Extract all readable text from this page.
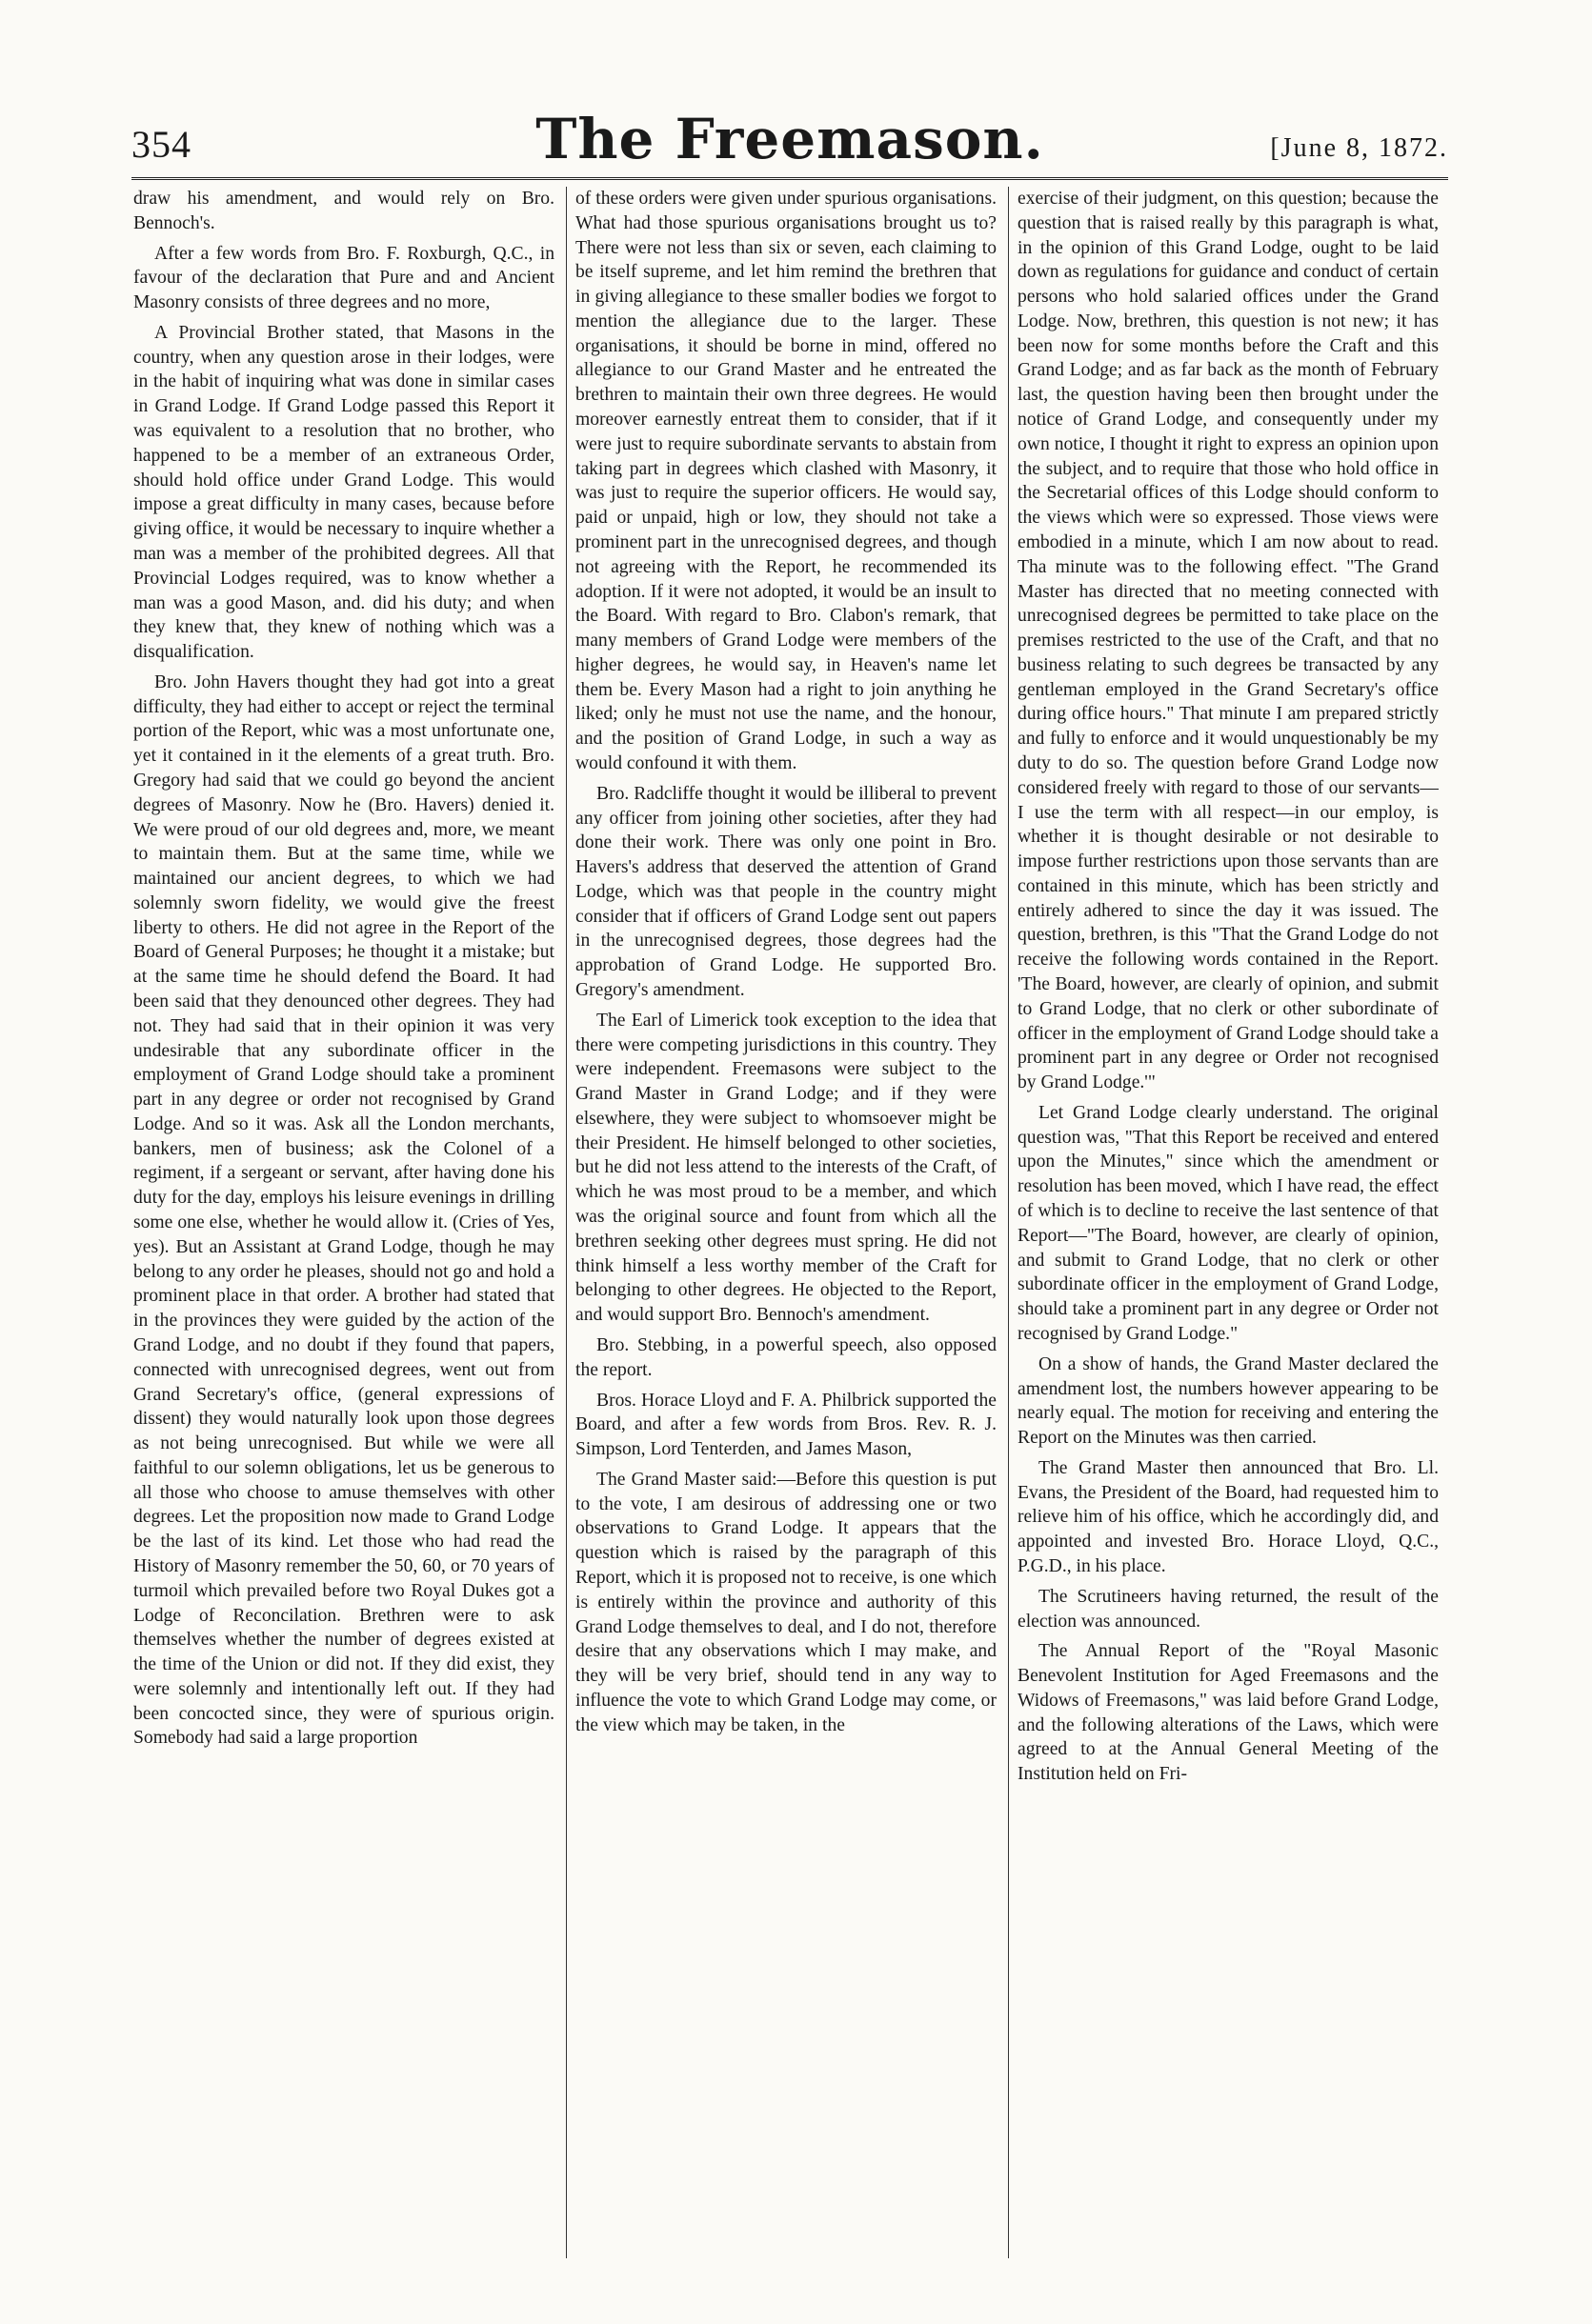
354	The Freemason.	[June 8, 1872.

draw his amendment, and would rely on Bro. Bennoch's.

After a few words from Bro. F. Roxburgh, Q.C., in favour of the declaration that Pure and and Ancient Masonry consists of three degrees and no more,

A Provincial Brother stated, that Masons in the country, when any question arose in their lodges, were in the habit of inquiring what was done in similar cases in Grand Lodge. If Grand Lodge passed this Report it was equivalent to a resolution that no brother, who happened to be a member of an extraneous Order, should hold office under Grand Lodge. This would impose a great difficulty in many cases, because before giving office, it would be necessary to inquire whether a man was a member of the prohibited degrees. All that Provincial Lodges required, was to know whether a man was a good Mason, and. did his duty; and when they knew that, they knew of nothing which was a disqualification.

Bro. John Havers thought they had got into a great difficulty, they had either to accept or reject the terminal portion of the Report, whic was a most unfortunate one, yet it contained in it the elements of a great truth. Bro. Gregory had said that we could go beyond the ancient degrees of Masonry. Now he (Bro. Havers) denied it. We were proud of our old degrees and, more, we meant to maintain them. But at the same time, while we maintained our ancient degrees, to which we had solemnly sworn fidelity, we would give the freest liberty to others. He did not agree in the Report of the Board of General Purposes; he thought it a mistake; but at the same time he should defend the Board. It had been said that they denounced other degrees. They had not. They had said that in their opinion it was very undesirable that any subordinate officer in the employment of Grand Lodge should take a prominent part in any degree or order not recognised by Grand Lodge. And so it was. Ask all the London merchants, bankers, men of business; ask the Colonel of a regiment, if a sergeant or servant, after having done his duty for the day, employs his leisure evenings in drilling some one else, whether he would allow it. (Cries of Yes, yes). But an Assistant at Grand Lodge, though he may belong to any order he pleases, should not go and hold a prominent place in that order. A brother had stated that in the provinces they were guided by the action of the Grand Lodge, and no doubt if they found that papers, connected with unrecognised degrees, went out from Grand Secretary's office, (general expressions of dissent) they would naturally look upon those degrees as not being unrecognised. But while we were all faithful to our solemn obligations, let us be generous to all those who choose to amuse themselves with other degrees. Let the proposition now made to Grand Lodge be the last of its kind. Let those who had read the History of Masonry remember the 50, 60, or 70 years of turmoil which prevailed before two Royal Dukes got a Lodge of Reconcilation. Brethren were to ask themselves whether the number of degrees existed at the time of the Union or did not. If they did exist, they were solemnly and intentionally left out. If they had been concocted since, they were of spurious origin. Somebody had said a large proportion

of these orders were given under spurious organisations. What had those spurious organisations brought us to? There were not less than six or seven, each claiming to be itself supreme, and let him remind the brethren that in giving allegiance to these smaller bodies we forgot to mention the allegiance due to the larger. These organisations, it should be borne in mind, offered no allegiance to our Grand Master and he entreated the brethren to maintain their own three degrees. He would moreover earnestly entreat them to consider, that if it were just to require subordinate servants to abstain from taking part in degrees which clashed with Masonry, it was just to require the superior officers. He would say, paid or unpaid, high or low, they should not take a prominent part in the unrecognised degrees, and though not agreeing with the Report, he recommended its adoption. If it were not adopted, it would be an insult to the Board. With regard to Bro. Clabon's remark, that many members of Grand Lodge were members of the higher degrees, he would say, in Heaven's name let them be. Every Mason had a right to join anything he liked; only he must not use the name, and the honour, and the position of Grand Lodge, in such a way as would confound it with them.

Bro. Radcliffe thought it would be illiberal to prevent any officer from joining other societies, after they had done their work. There was only one point in Bro. Havers's address that deserved the attention of Grand Lodge, which was that people in the country might consider that if officers of Grand Lodge sent out papers in the unrecognised degrees, those degrees had the approbation of Grand Lodge. He supported Bro. Gregory's amendment.

The Earl of Limerick took exception to the idea that there were competing jurisdictions in this country. They were independent. Freemasons were subject to the Grand Master in Grand Lodge; and if they were elsewhere, they were subject to whomsoever might be their President. He himself belonged to other societies, but he did not less attend to the interests of the Craft, of which he was most proud to be a member, and which was the original source and fount from which all the brethren seeking other degrees must spring. He did not think himself a less worthy member of the Craft for belonging to other degrees. He objected to the Report, and would support Bro. Bennoch's amendment.

Bro. Stebbing, in a powerful speech, also opposed the report.

Bros. Horace Lloyd and F. A. Philbrick supported the Board, and after a few words from Bros. Rev. R. J. Simpson, Lord Tenterden, and James Mason,

The Grand Master said:—Before this question is put to the vote, I am desirous of addressing one or two observations to Grand Lodge. It appears that the question which is raised by the paragraph of this Report, which it is proposed not to receive, is one which is entirely within the province and authority of this Grand Lodge themselves to deal, and I do not, therefore desire that any observations which I may make, and they will be very brief, should tend in any way to influence the vote to which Grand Lodge may come, or the view which may be taken, in the

exercise of their judgment, on this question; because the question that is raised really by this paragraph is what, in the opinion of this Grand Lodge, ought to be laid down as regulations for guidance and conduct of certain persons who hold salaried offices under the Grand Lodge. Now, brethren, this question is not new; it has been now for some months before the Craft and this Grand Lodge; and as far back as the month of February last, the question having been then brought under the notice of Grand Lodge, and consequently under my own notice, I thought it right to express an opinion upon the subject, and to require that those who hold office in the Secretarial offices of this Lodge should conform to the views which were so expressed. Those views were embodied in a minute, which I am now about to read. Tha minute was to the following effect. "The Grand Master has directed that no meeting connected with unrecognised degrees be permitted to take place on the premises restricted to the use of the Craft, and that no business relating to such degrees be transacted by any gentleman employed in the Grand Secretary's office during office hours." That minute I am prepared strictly and fully to enforce and it would unquestionably be my duty to do so. The question before Grand Lodge now considered freely with regard to those of our servants—I use the term with all respect—in our employ, is whether it is thought desirable or not desirable to impose further restrictions upon those servants than are contained in this minute, which has been strictly and entirely adhered to since the day it was issued. The question, brethren, is this "That the Grand Lodge do not receive the following words contained in the Report. 'The Board, however, are clearly of opinion, and submit to Grand Lodge, that no clerk or other subordinate of officer in the employment of Grand Lodge should take a prominent part in any degree or Order not recognised by Grand Lodge.'"

Let Grand Lodge clearly understand. The original question was, "That this Report be received and entered upon the Minutes," since which the amendment or resolution has been moved, which I have read, the effect of which is to decline to receive the last sentence of that Report—"The Board, however, are clearly of opinion, and submit to Grand Lodge, that no clerk or other subordinate officer in the employment of Grand Lodge, should take a prominent part in any degree or Order not recognised by Grand Lodge."

On a show of hands, the Grand Master declared the amendment lost, the numbers however appearing to be nearly equal. The motion for receiving and entering the Report on the Minutes was then carried.

The Grand Master then announced that Bro. Ll. Evans, the President of the Board, had requested him to relieve him of his office, which he accordingly did, and appointed and invested Bro. Horace Lloyd, Q.C., P.G.D., in his place.

The Scrutineers having returned, the result of the election was announced.

The Annual Report of the "Royal Masonic Benevolent Institution for Aged Freemasons and the Widows of Freemasons," was laid before Grand Lodge, and the following alterations of the Laws, which were agreed to at the Annual General Meeting of the Institution held on Fri-
